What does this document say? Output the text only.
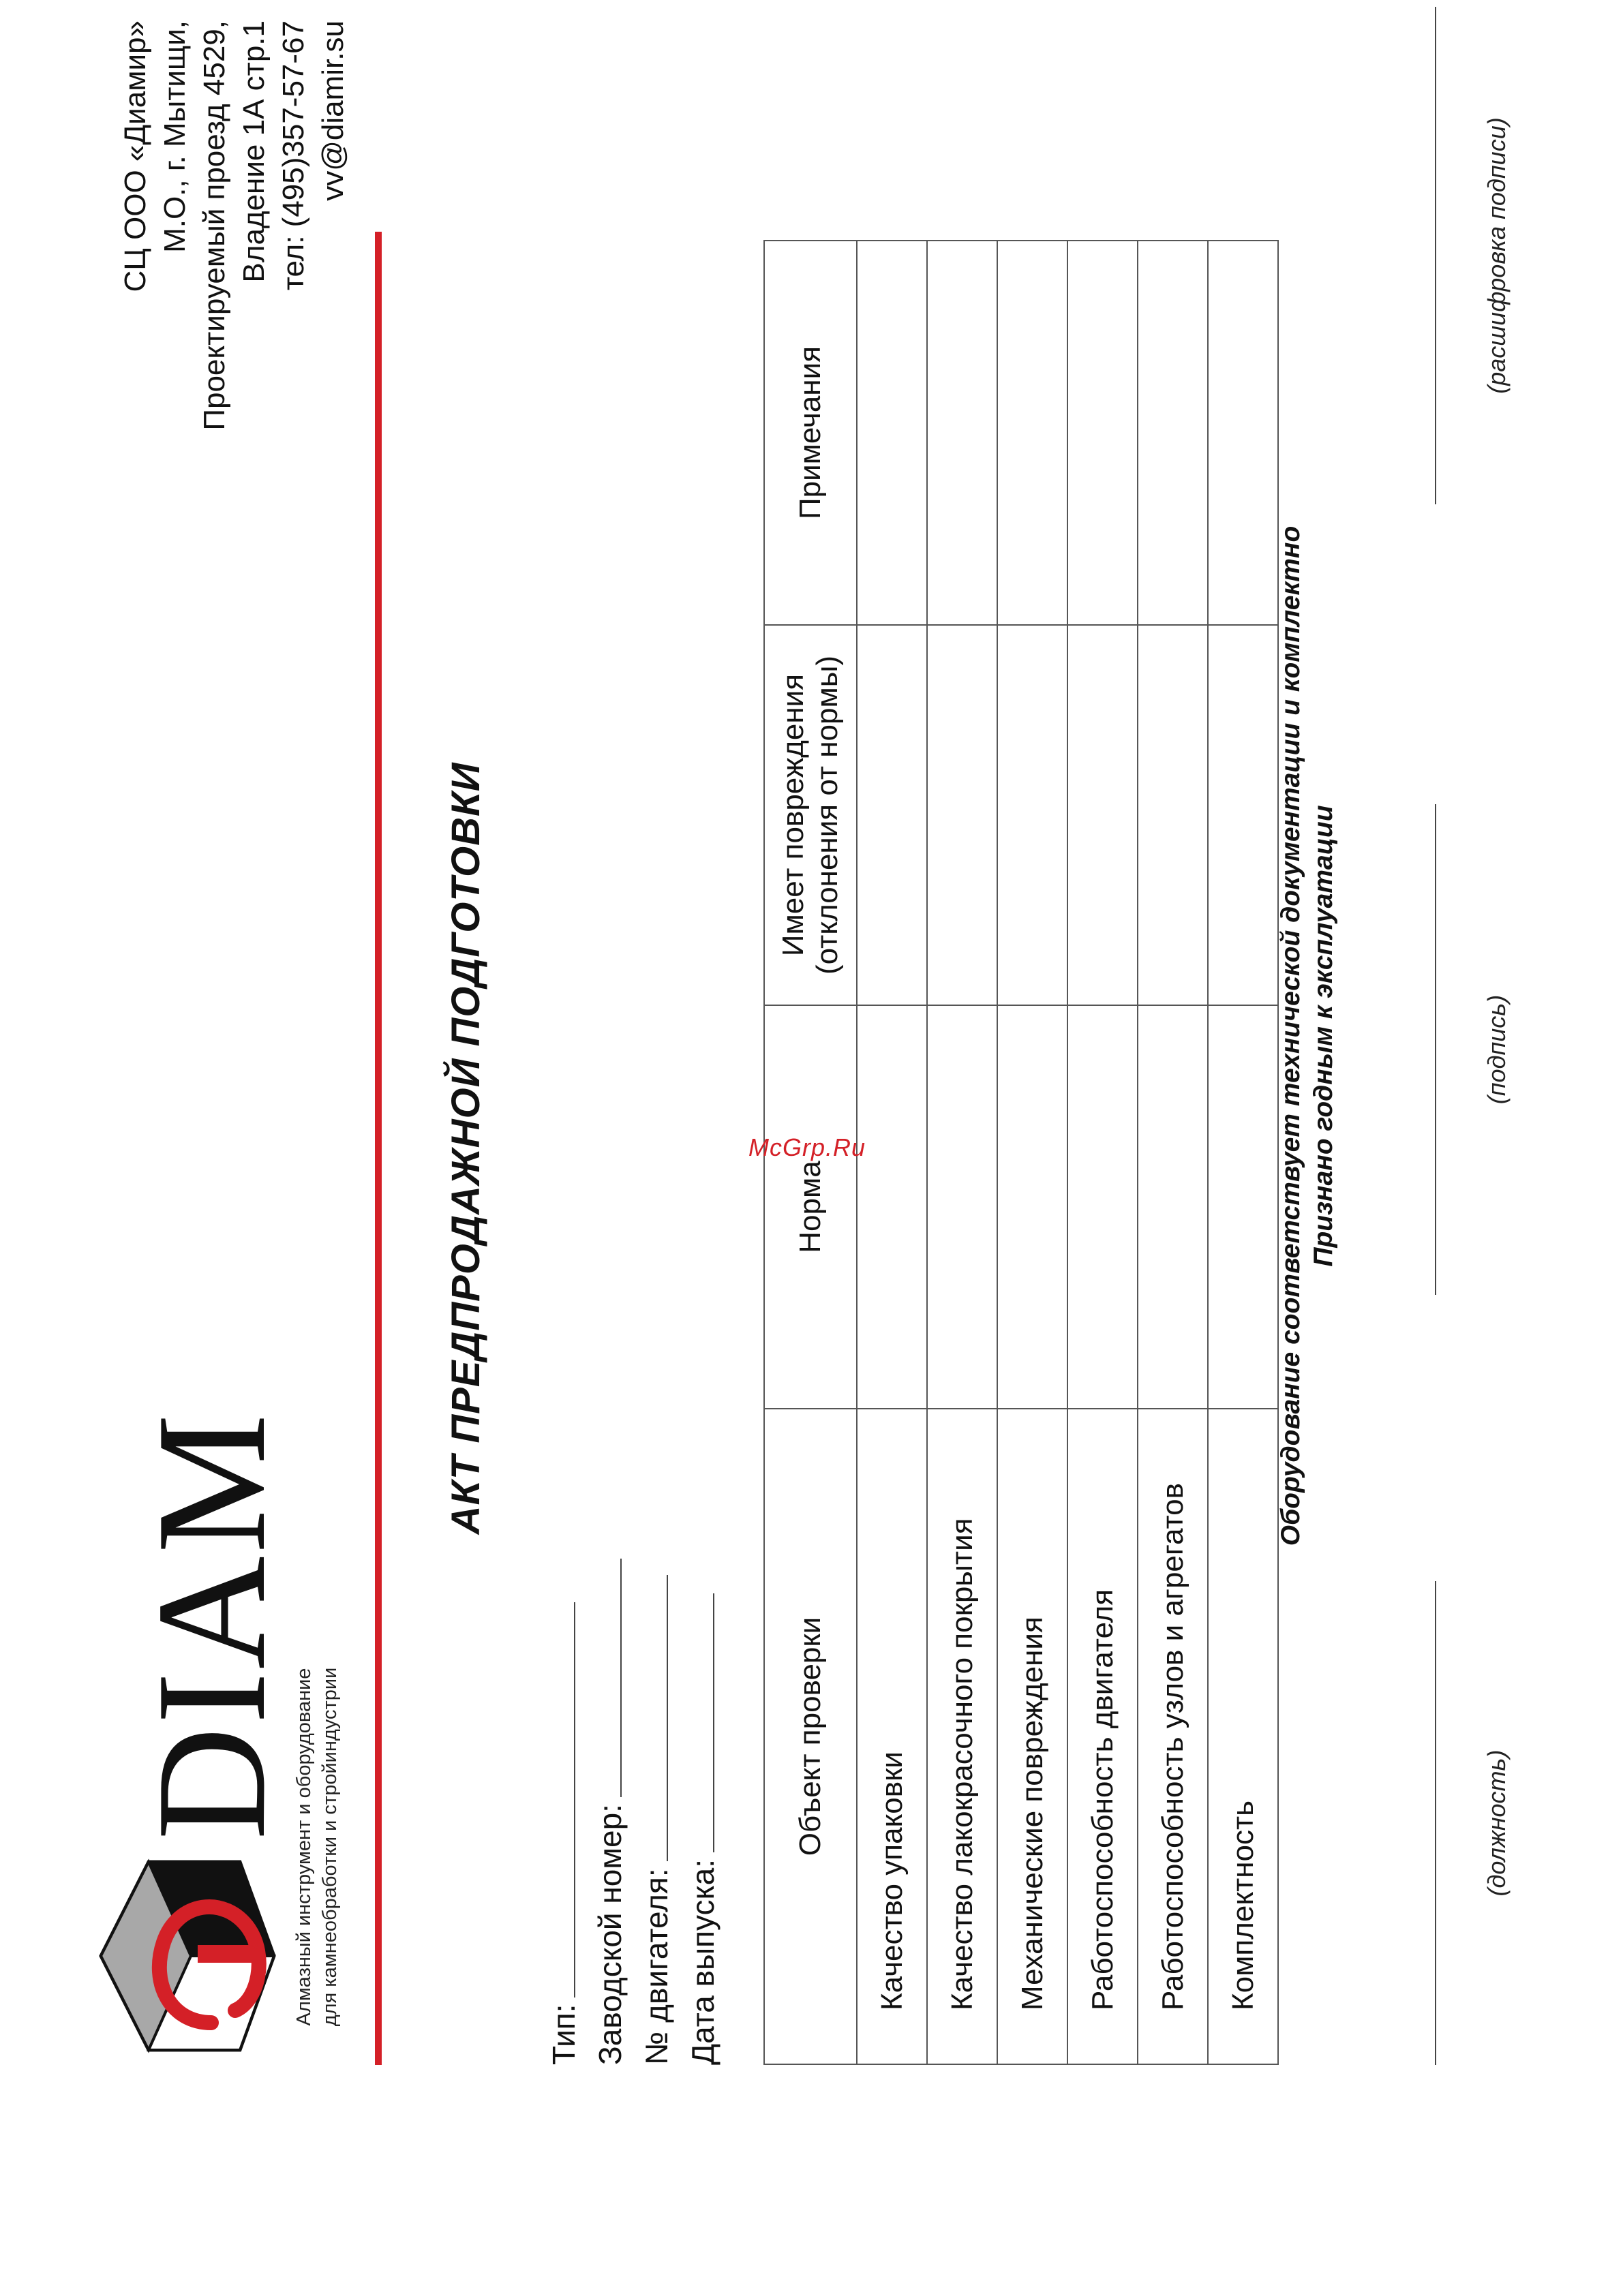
DIAM
Алмазный инструмент и оборудование для камнеобработки и стройиндустрии
СЦ ООО «Диамир» М.О., г. Мытищи, Проектируемый проезд 4529, Владение 1А стр.1 тел: (495)357-57-67 vv@diamir.su
АКТ ПРЕДПРОДАЖНОЙ ПОДГОТОВКИ
Тип: Заводской номер: № двигателя: Дата выпуска:
Объект проверки	Норма	Имеет повреждения (отклонения от нормы)	Примечания
Качество упаковки			
Качество лакокрасочного покрытия			
Механические повреждения			
Работоспособность двигателя			
Работоспособность узлов и агрегатов			
Комплектность			
Оборудование соответствует технической документации и комплектно Признано годным к эксплуатации
(должность)
(подпись)
(расшифровка подписи)
McGrp.Ru
